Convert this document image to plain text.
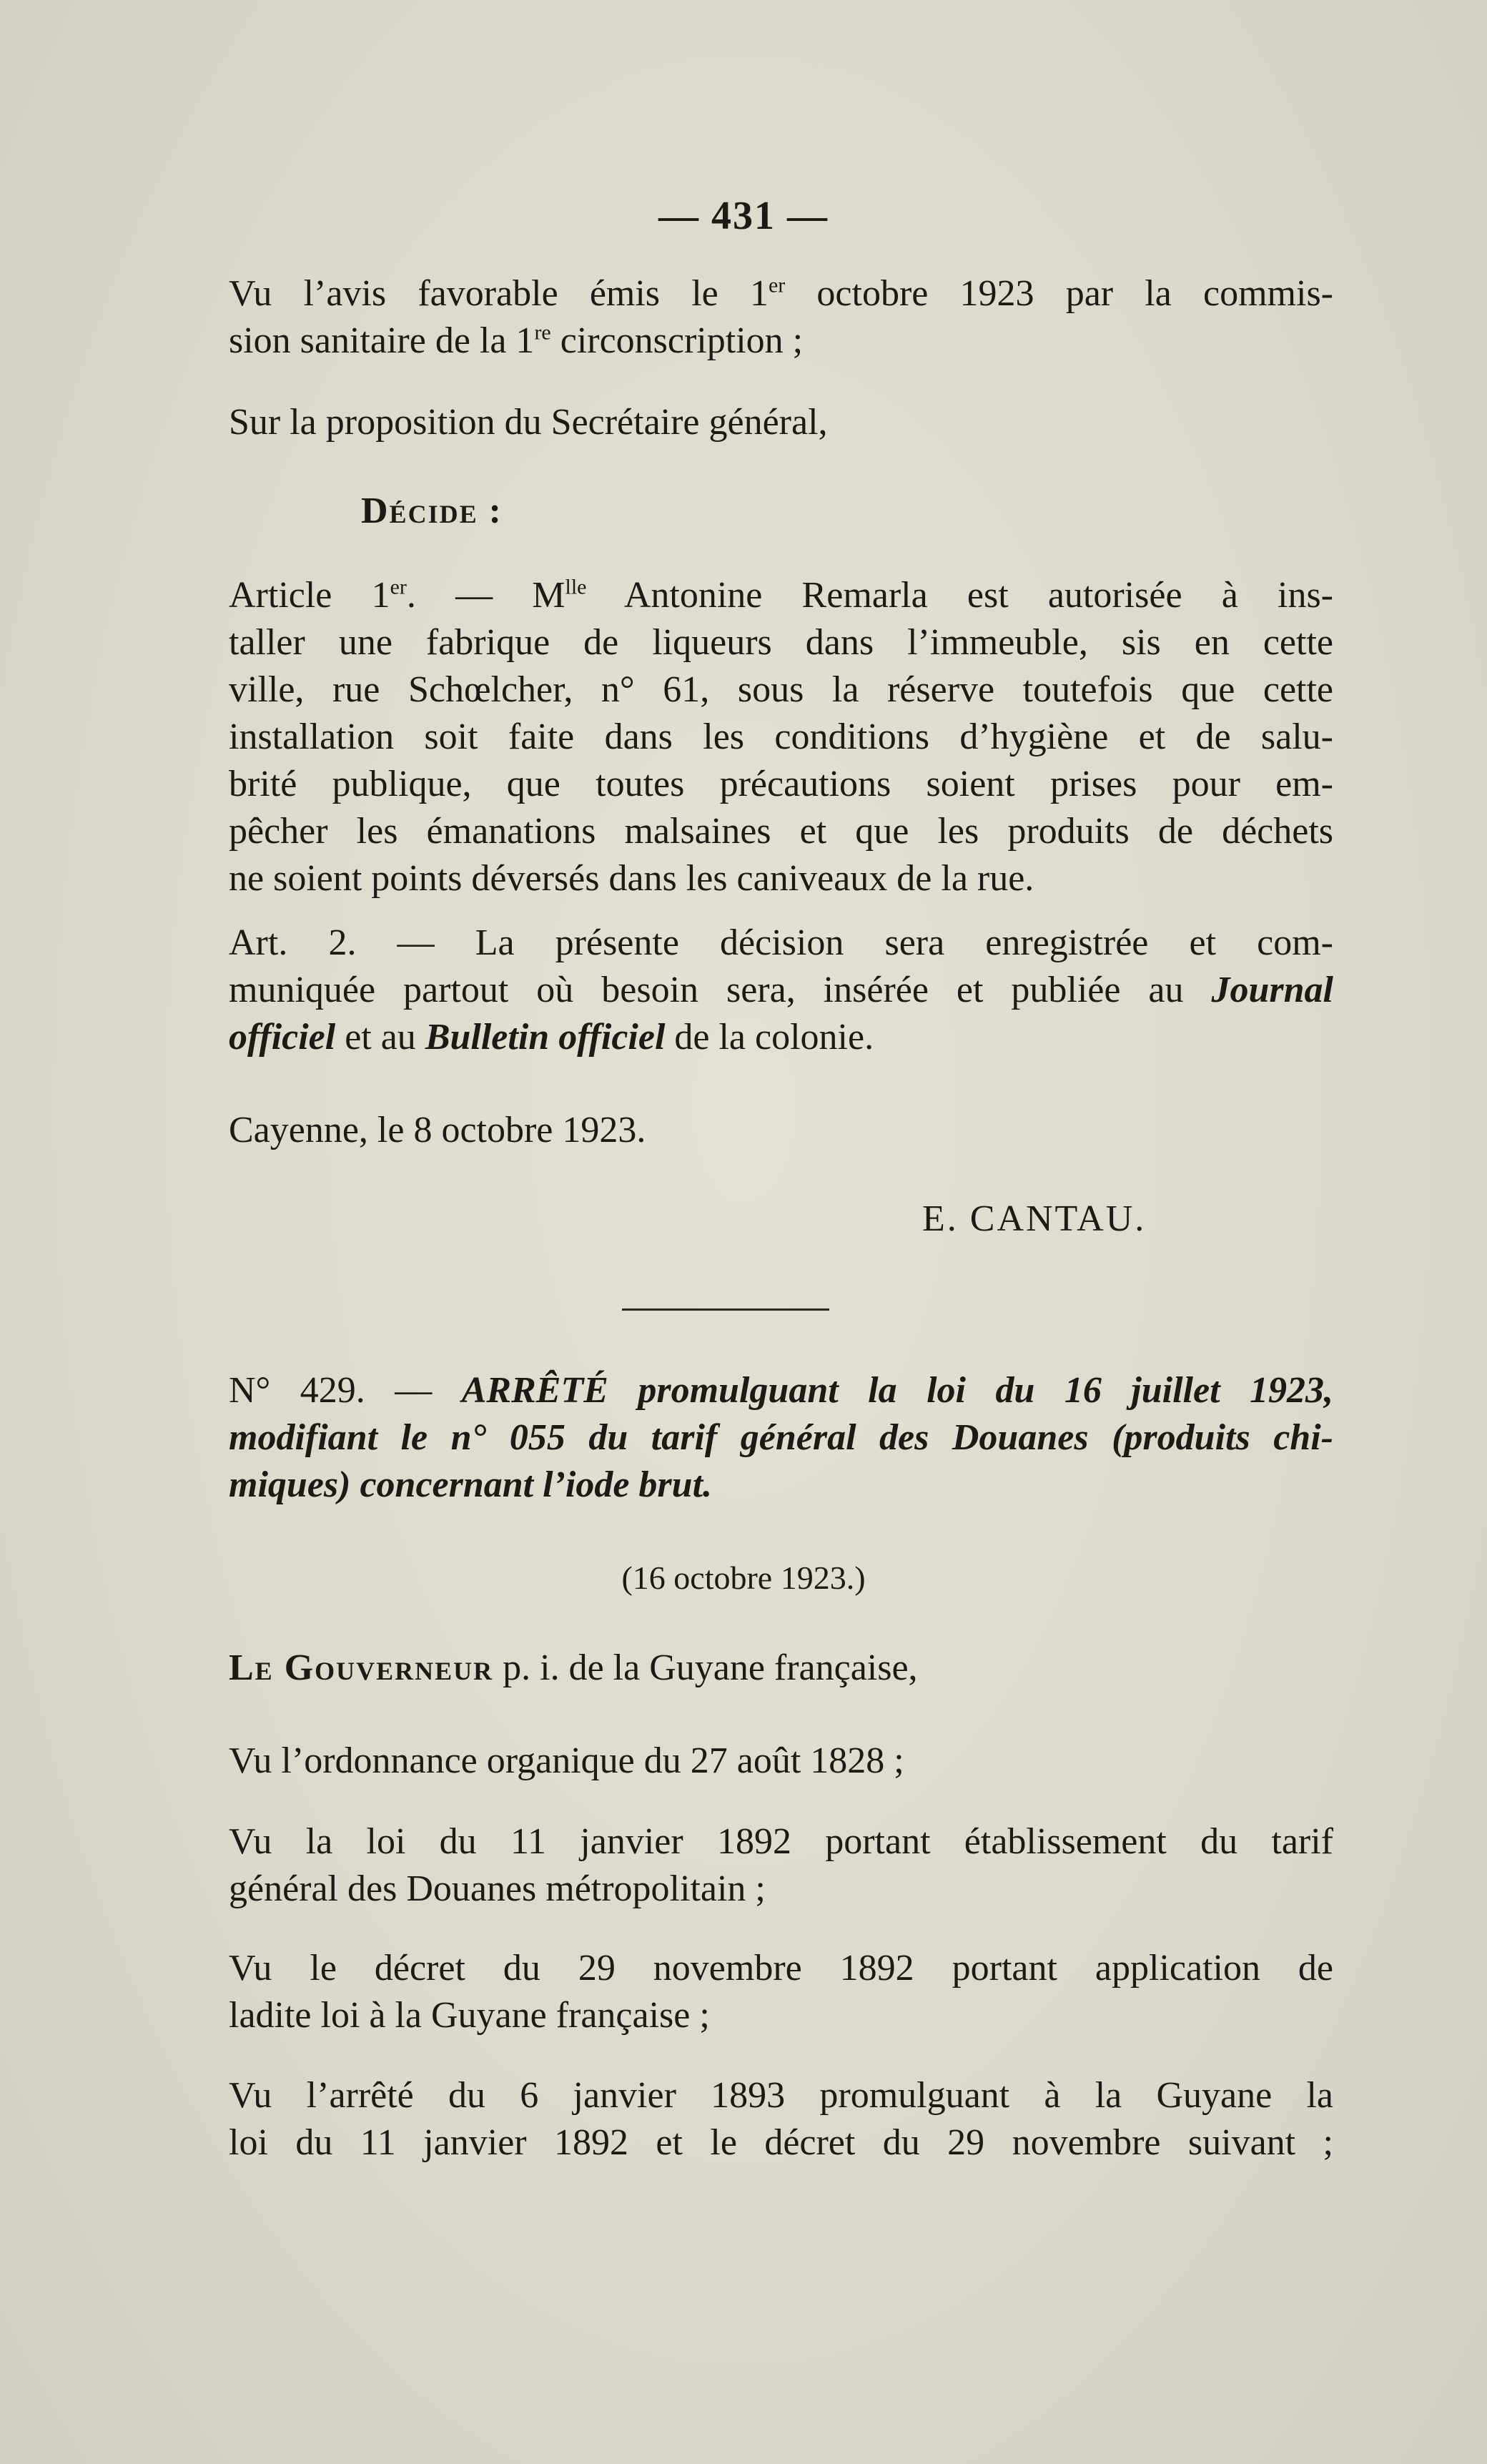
— 431 —
Vu l’avis favorable émis le 1er octobre 1923 par la commis-
sion sanitaire de la 1re circonscription ;
Sur la proposition du Secrétaire général,
Décide :
Article 1er. — $M^{lle}$ Antonine Remarla est autorisée à ins-
taller une fabrique de liqueurs dans l’immeuble, sis en cette
ville, rue Schœlcher, n° 61, sous la réserve toutefois que cette
installation soit faite dans les conditions d’hygiène et de salu-
brité publique, que toutes précautions soient prises pour em-
pêcher les émanations malsaines et que les produits de déchets
ne soient points déversés dans les caniveaux de la rue.
Art. 2. — La présente décision sera enregistrée et com-
muniquée partout où besoin sera, insérée et publiée au Journal
officiel et au Bulletin officiel de la colonie.
Cayenne, le 8 octobre 1923.
E. CANTAU.
N° 429. — ARRÊTÉ promulguant la loi du 16 juillet 1923,
modifiant le n° 055 du tarif général des Douanes (produits chi-
miques) concernant l’iode brut.
(16 octobre 1923.)
Le Gouverneur p. i. de la Guyane française,
Vu l’ordonnance organique du 27 août 1828 ;
Vu la loi du 11 janvier 1892 portant établissement du tarif
général des Douanes métropolitain ;
Vu le décret du 29 novembre 1892 portant application de
ladite loi à la Guyane française ;
Vu l’arrêté du 6 janvier 1893 promulguant à la Guyane la
loi du 11 janvier 1892 et le décret du 29 novembre suivant ;
